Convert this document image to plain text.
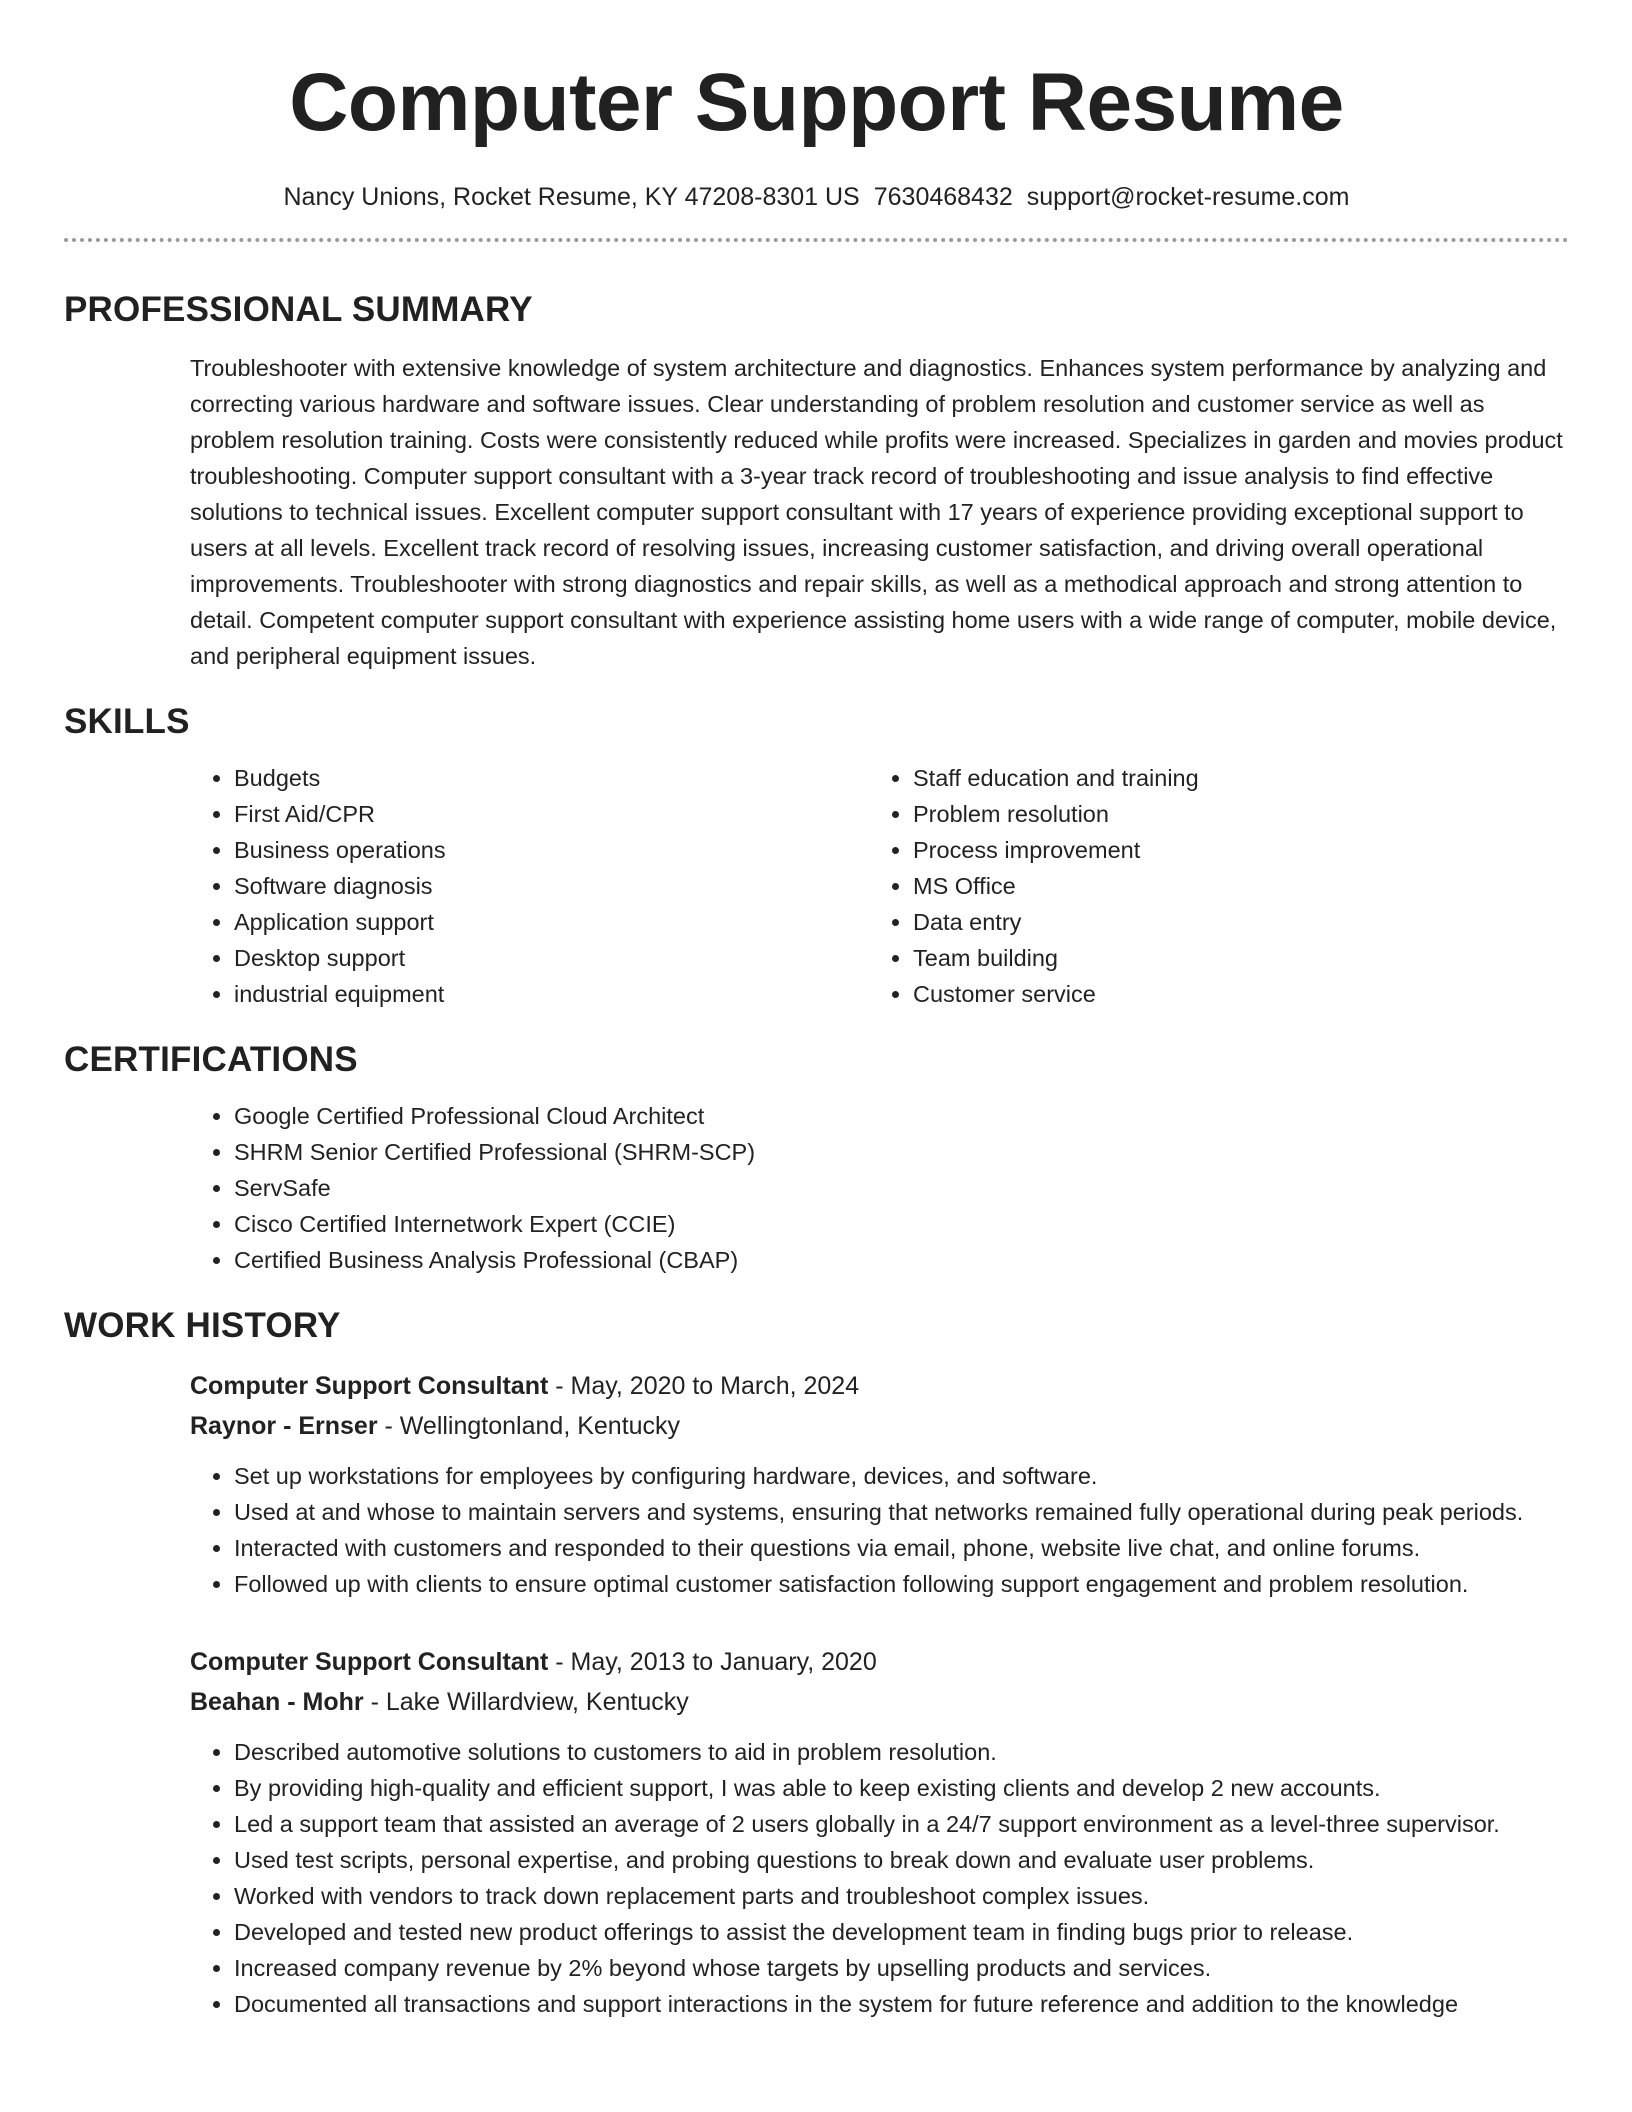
Computer Support Resume
Nancy Unions, Rocket Resume, KY 47208-8301 US 7630468432 support@rocket-resume.com
PROFESSIONAL SUMMARY

Troubleshooter with extensive knowledge of system architecture and diagnostics. Enhances system performance by analyzing and correcting various hardware and software issues. Clear understanding of problem resolution and customer service as well as problem resolution training. Costs were consistently reduced while profits were increased. Specializes in garden and movies product troubleshooting. Computer support consultant with a 3-year track record of troubleshooting and issue analysis to find effective solutions to technical issues. Excellent computer support consultant with 17 years of experience providing exceptional support to users at all levels. Excellent track record of resolving issues, increasing customer satisfaction, and driving overall operational improvements. Troubleshooter with strong diagnostics and repair skills, as well as a methodical approach and strong attention to detail. Competent computer support consultant with experience assisting home users with a wide range of computer, mobile device, and peripheral equipment issues.

SKILLS
• Budgets
• First Aid/CPR
• Business operations
• Software diagnosis
• Application support
• Desktop support
• industrial equipment
• Staff education and training
• Problem resolution
• Process improvement
• MS Office
• Data entry
• Team building
• Customer service
CERTIFICATIONS
• Google Certified Professional Cloud Architect
• SHRM Senior Certified Professional (SHRM-SCP)
• ServSafe
• Cisco Certified Internetwork Expert (CCIE)
• Certified Business Analysis Professional (CBAP)
WORK HISTORY
Computer Support Consultant - May, 2020 to March, 2024
Raynor - Ernser - Wellingtonland, Kentucky
• Set up workstations for employees by configuring hardware, devices, and software.
• Used at and whose to maintain servers and systems, ensuring that networks remained fully operational during peak periods.
• Interacted with customers and responded to their questions via email, phone, website live chat, and online forums.
• Followed up with clients to ensure optimal customer satisfaction following support engagement and problem resolution.
Computer Support Consultant - May, 2013 to January, 2020
Beahan - Mohr - Lake Willardview, Kentucky
• Described automotive solutions to customers to aid in problem resolution.
• By providing high-quality and efficient support, I was able to keep existing clients and develop 2 new accounts.
• Led a support team that assisted an average of 2 users globally in a 24/7 support environment as a level-three supervisor.
• Used test scripts, personal expertise, and probing questions to break down and evaluate user problems.
• Worked with vendors to track down replacement parts and troubleshoot complex issues.
• Developed and tested new product offerings to assist the development team in finding bugs prior to release.
• Increased company revenue by 2% beyond whose targets by upselling products and services.
• Documented all transactions and support interactions in the system for future reference and addition to the knowledge
